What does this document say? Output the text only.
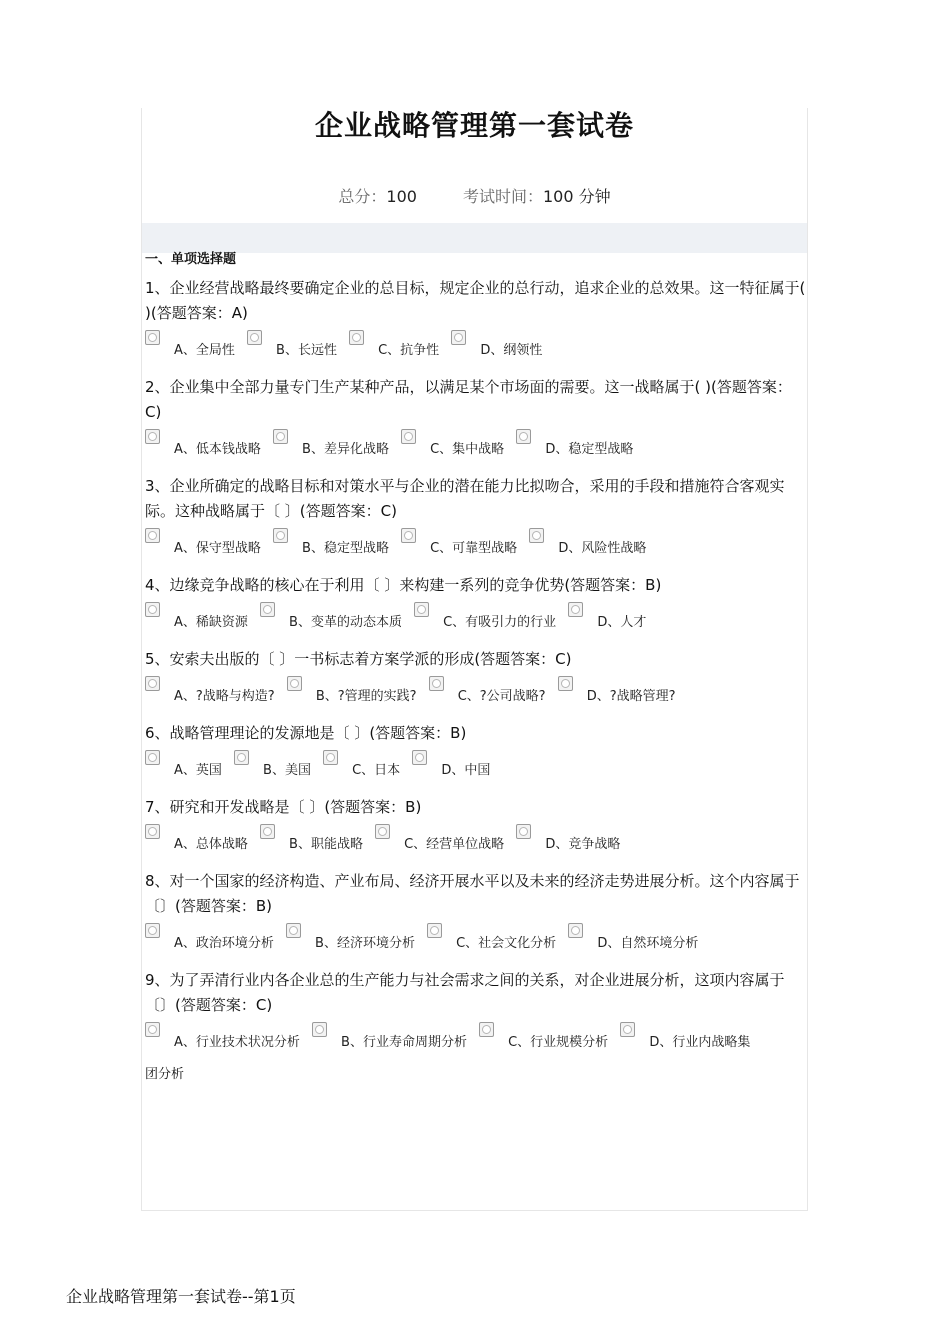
企业战略管理第一套试卷
总分：100	考试时间：100 分钟
一、单项选择题

1、企业经营战略最终要确定企业的总目标，规定企业的总行动，追求企业的总效果。这一特征属于( )(答题答案：A)

A、全局性	B、长远性	C、抗争性	D、纲领性

2、企业集中全部力量专门生产某种产品，以满足某个市场面的需要。这一战略属于( )(答题答案：C)

A、低本钱战略	B、差异化战略	C、集中战略	D、稳定型战略

3、企业所确定的战略目标和对策水平与企业的潜在能力比拟吻合，采用的手段和措施符合客观实际。这种战略属于〔 〕(答题答案：C)

A、保守型战略	B、稳定型战略	C、可靠型战略	D、风险性战略

4、边缘竞争战略的核心在于利用〔 〕来构建一系列的竞争优势(答题答案：B)

A、稀缺资源	B、变革的动态本质	C、有吸引力的行业	D、人才

5、安索夫出版的〔 〕一书标志着方案学派的形成(答题答案：C)

A、?战略与构造?	B、?管理的实践?	C、?公司战略?	D、?战略管理?

6、战略管理理论的发源地是〔 〕(答题答案：B)

A、英国	B、美国	C、日本	D、中国

7、研究和开发战略是〔 〕(答题答案：B)

A、总体战略	B、职能战略	C、经营单位战略	D、竞争战略

8、对一个国家的经济构造、产业布局、经济开展水平以及未来的经济走势进展分析。这个内容属于〔〕(答题答案：B)

A、政治环境分析	B、经济环境分析	C、社会文化分析	D、自然环境分析

9、为了弄清行业内各企业总的生产能力与社会需求之间的关系，对企业进展分析，这项内容属于〔〕(答题答案：C)

A、行业技术状况分析	B、行业寿命周期分析	C、行业规模分析	D、行业内战略集
团分析
企业战略管理第一套试卷--第1页
